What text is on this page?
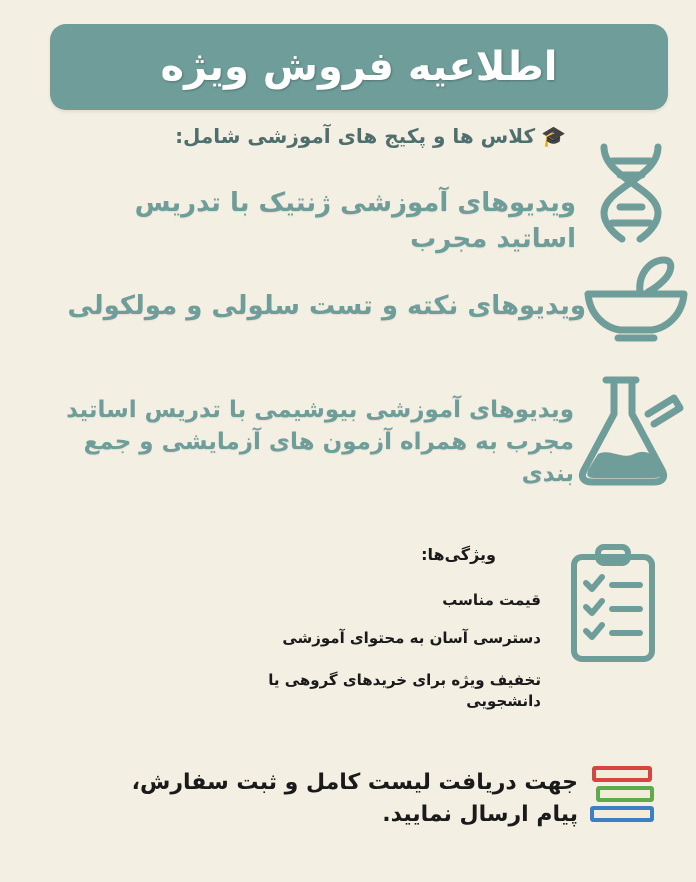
اطلاعیه فروش ویژه
🎓کلاس ها و پکیج های آموزشی شامل:
ویدیوهای آموزشی ژنتیک با تدریس اساتید مجرب
ویدیوهای نکته و تست سلولی و مولکولی
ویدیوهای آموزشی بیوشیمی با تدریس اساتید مجرب به همراه آزمون های آزمایشی و جمع بندی
ویژگی‌ها:
قیمت مناسب
دسترسی آسان به محتوای آموزشی
تخفیف ویژه برای خریدهای گروهی یا دانشجویی
جهت دریافت لیست کامل و ثبت سفارش، پیام ارسال نمایید.
